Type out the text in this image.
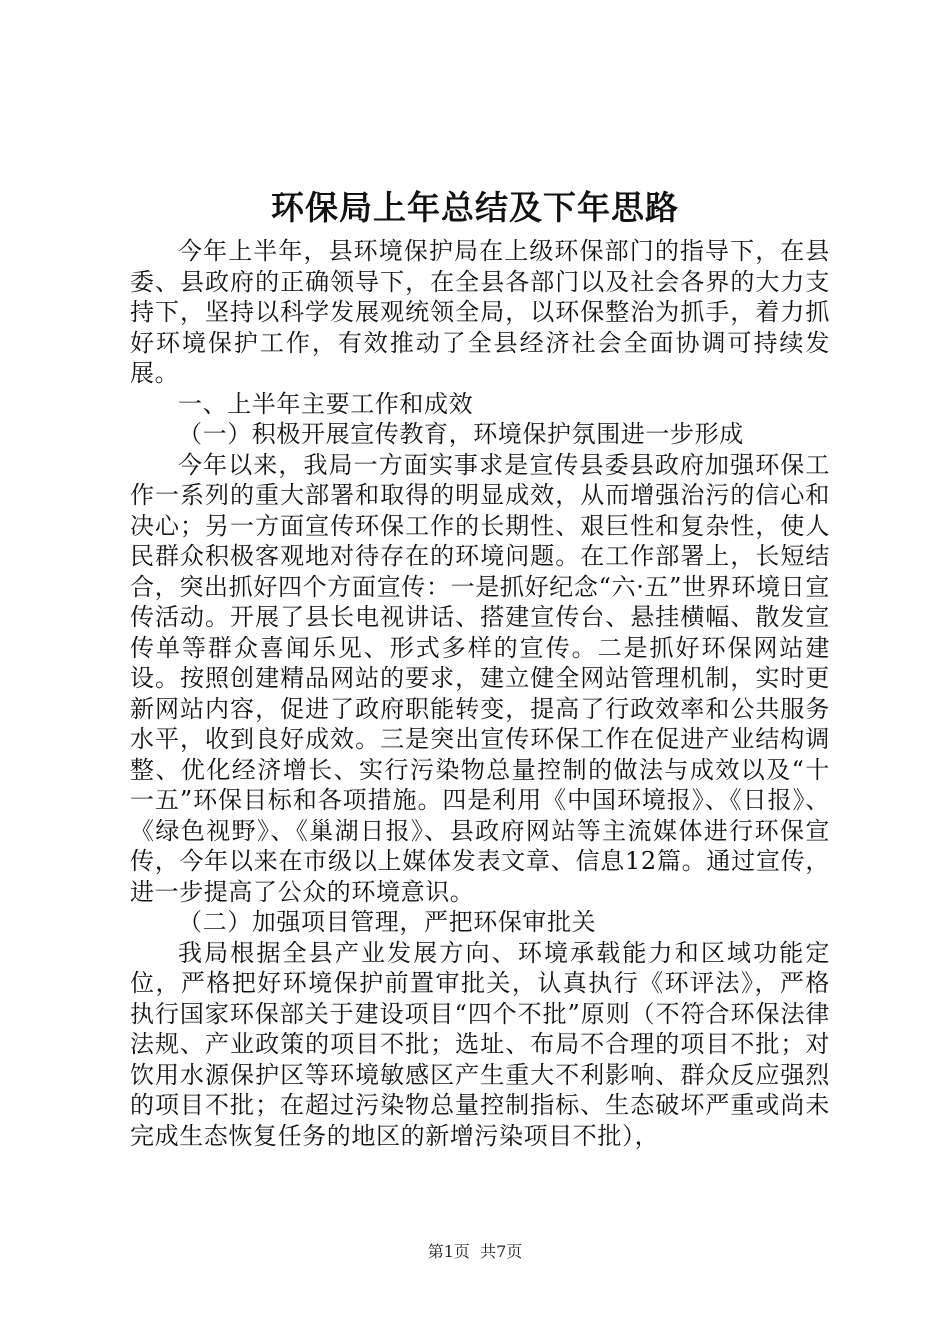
环保局上年总结及下年思路

今年上半年，县环境保护局在上级环保部门的指导下，在县委、县政府的正确领导下，在全县各部门以及社会各界的大力支持下，坚持以科学发展观统领全局，以环保整治为抓手，着力抓好环境保护工作，有效推动了全县经济社会全面协调可持续发展。

一、上半年主要工作和成效

（一）积极开展宣传教育，环境保护氛围进一步形成

今年以来，我局一方面实事求是宣传县委县政府加强环保工作一系列的重大部署和取得的明显成效，从而增强治污的信心和决心；另一方面宣传环保工作的长期性、艰巨性和复杂性，使人民群众积极客观地对待存在的环境问题。在工作部署上，长短结合，突出抓好四个方面宣传：一是抓好纪念“六·五”世界环境日宣传活动。开展了县长电视讲话、搭建宣传台、悬挂横幅、散发宣传单等群众喜闻乐见、形式多样的宣传。二是抓好环保网站建设。按照创建精品网站的要求，建立健全网站管理机制，实时更新网站内容，促进了政府职能转变，提高了行政效率和公共服务水平，收到良好成效。三是突出宣传环保工作在促进产业结构调整、优化经济增长、实行污染物总量控制的做法与成效以及“十一五”环保目标和各项措施。四是利用《中国环境报》、《日报》、《绿色视野》、《巢湖日报》、县政府网站等主流媒体进行环保宣传，今年以来在市级以上媒体发表文章、信息12篇。通过宣传，进一步提高了公众的环境意识。

（二）加强项目管理，严把环保审批关

我局根据全县产业发展方向、环境承载能力和区域功能定位，严格把好环境保护前置审批关，认真执行《环评法》，严格执行国家环保部关于建设项目“四个不批”原则（不符合环保法律法规、产业政策的项目不批；选址、布局不合理的项目不批；对饮用水源保护区等环境敏感区产生重大不利影响、群众反应强烈的项目不批；在超过污染物总量控制指标、生态破坏严重或尚未完成生态恢复任务的地区的新增污染项目不批），

第1页 共7页
